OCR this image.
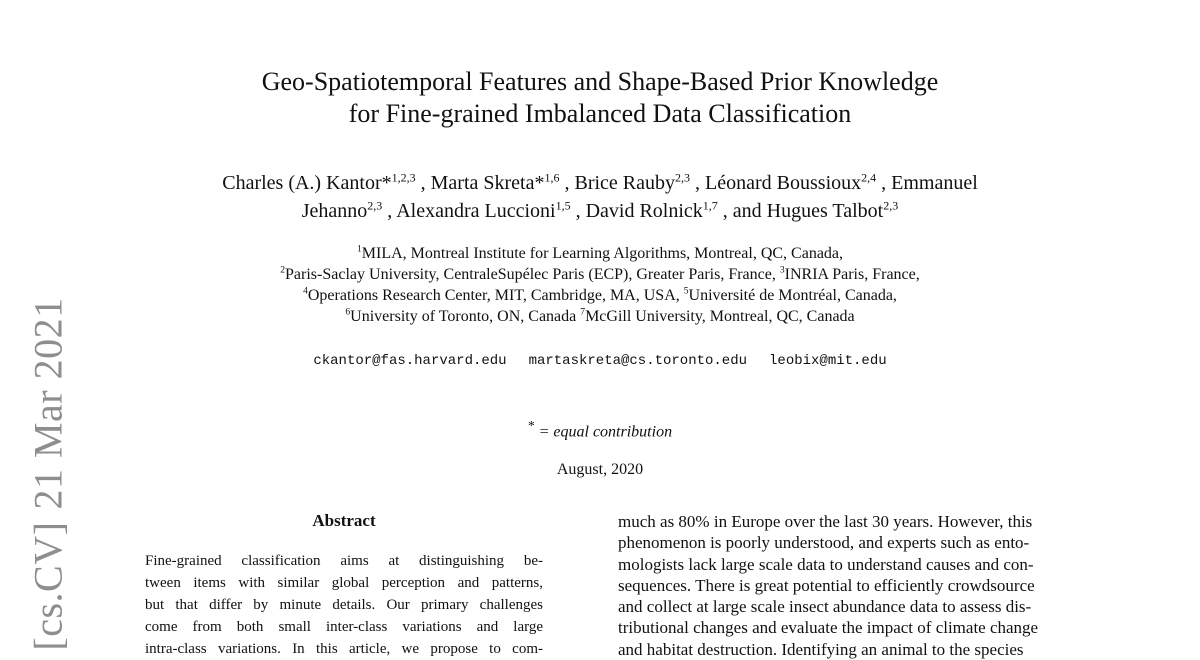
[cs.CV]21 Mar 2021
Geo-Spatiotemporal Features and Shape-Based Prior Knowledge
for Fine-grained Imbalanced Data Classification
Charles (A.) Kantor*$^{1,2,3}$ , Marta Skreta*$^{1,6}$ , Brice Rauby$^{2,3}$ , Léonard Boussioux$^{2,4}$ , Emmanuel
Jehanno$^{2,3}$ , Alexandra Luccioni$^{1,5}$ , David Rolnick$^{1,7}$ , and Hugues Talbot$^{2,3}$
$^1$MILA, Montreal Institute for Learning Algorithms, Montreal, QC, Canada,
$^2$Paris-Saclay University, CentraleSupélec Paris (ECP), Greater Paris, France, $^3$INRIA Paris, France,
$^4$Operations Research Center, MIT, Cambridge, MA, USA, $^5$Université de Montréal, Canada,
$^6$University of Toronto, ON, Canada $^7$McGill University, Montreal, QC, Canada
ckantor@fas.harvard.edu martaskreta@cs.toronto.edu leobix@mit.edu
* = equal contribution
August, 2020
Abstract
Fine-grained classification aims at distinguishing be-
tween items with similar global perception and patterns,
but that differ by minute details. Our primary challenges
come from both small inter-class variations and large
intra-class variations. In this article, we propose to com-
much as 80% in Europe over the last 30 years. However, this
phenomenon is poorly understood, and experts such as ento-
mologists lack large scale data to understand causes and con-
sequences. There is great potential to efficiently crowdsource
and collect at large scale insect abundance data to assess dis-
tributional changes and evaluate the impact of climate change
and habitat destruction. Identifying an animal to the species
